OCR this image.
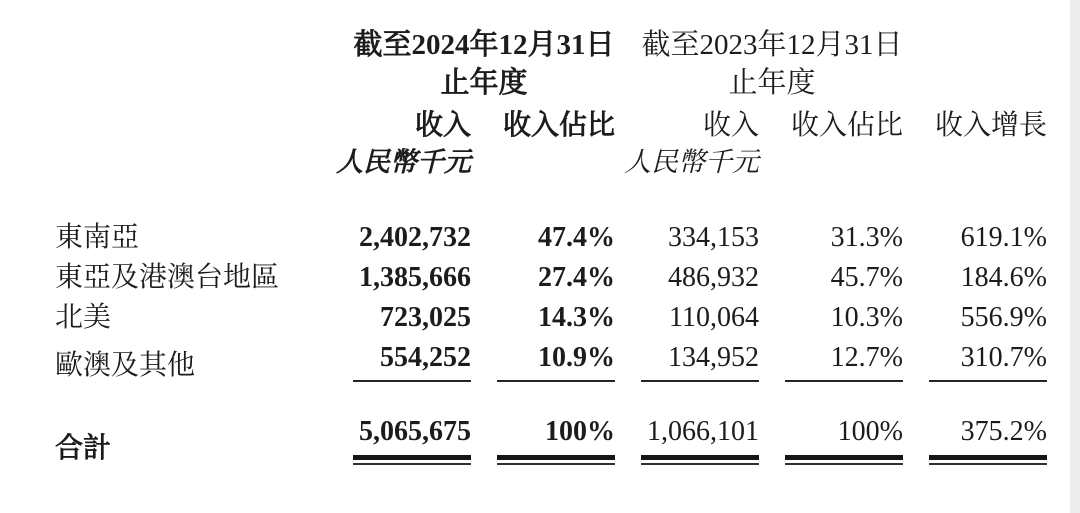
	截至2024年12月31日		截至2023年12月31日		
	止年度		止年度		
	收入	收入佔比	收入	收入佔比	收入增長

	人民幣千元		人民幣千元		

東南亞	2,402,732	47.4%	334,153	31.3%	619.1%
東亞及港澳台地區	1,385,666	27.4%	486,932	45.7%	184.6%
北美	723,025	14.3%	110,064	10.3%	556.9%
歐澳及其他	554,252	10.9%	134,952	12.7%	310.7%

合計	5,065,675	100%	1,066,101	100%	375.2%
